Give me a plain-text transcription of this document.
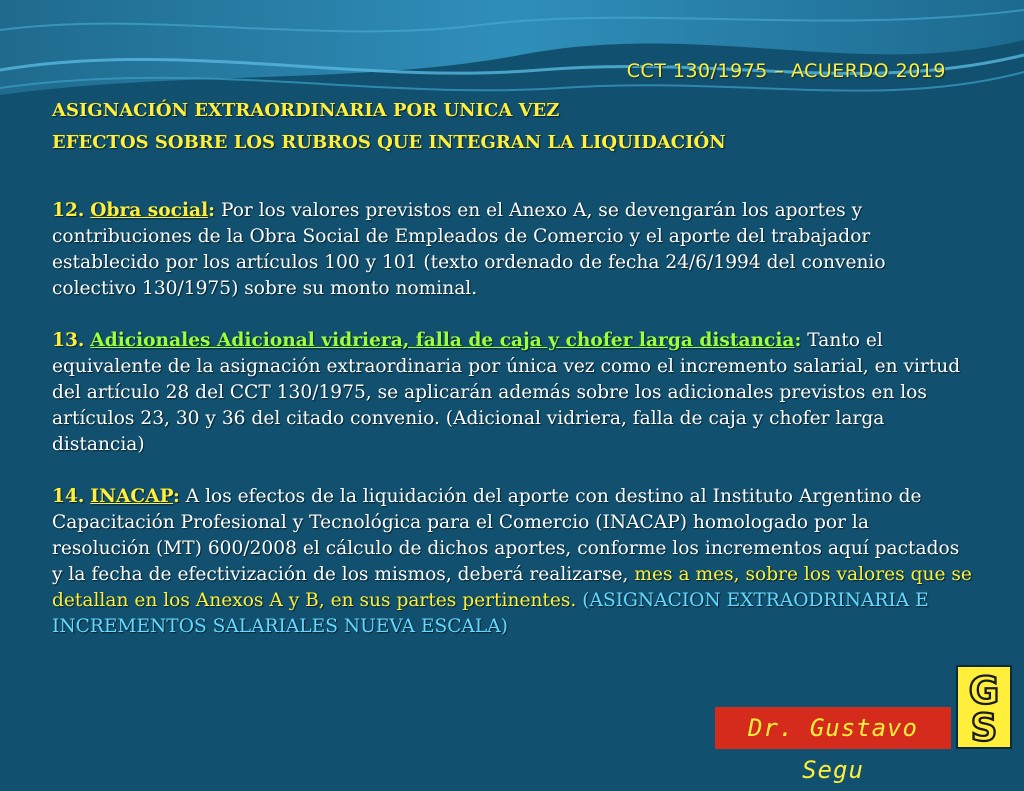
CCT 130/1975 – ACUERDO 2019

ASIGNACIÓN EXTRAORDINARIA POR UNICA VEZ

EFECTOS SOBRE LOS RUBROS QUE INTEGRAN LA LIQUIDACIÓN

12. Obra social: Por los valores previstos en el Anexo A, se devengarán los aportes y contribuciones de la Obra Social de Empleados de Comercio y el aporte del trabajador establecido por los artículos 100 y 101 (texto ordenado de fecha 24/6/1994 del convenio colectivo 130/1975) sobre su monto nominal.

13. Adicionales Adicional vidriera, falla de caja y chofer larga distancia: Tanto el equivalente de la asignación extraordinaria por única vez como el incremento salarial, en virtud del artículo 28 del CCT 130/1975, se aplicarán además sobre los adicionales previstos en los artículos 23, 30 y 36 del citado convenio. (Adicional vidriera, falla de caja y chofer larga distancia)

14. INACAP: A los efectos de la liquidación del aporte con destino al Instituto Argentino de Capacitación Profesional y Tecnológica para el Comercio (INACAP) homologado por la resolución (MT) 600/2008 el cálculo de dichos aportes, conforme los incrementos aquí pactados y la fecha de efectivización de los mismos, deberá realizarse, mes a mes, sobre los valores que se detallan en los Anexos A y B, en sus partes pertinentes. (ASIGNACION EXTRAODRINARIA E INCREMENTOS SALARIALES NUEVA ESCALA)

Dr. Gustavo Segu
G
S
